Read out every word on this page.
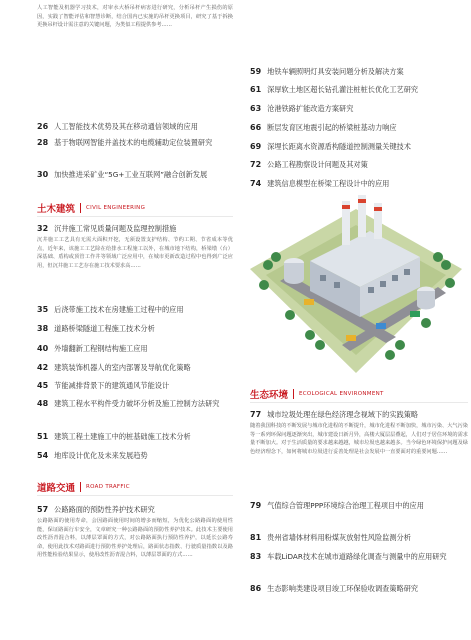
人工智能及机器学习技术，对审水大桥吊杆病害进行研究，分析吊杆产生损伤的原因，实践了智能评估和智慧诊断，结合国内已实施的吊杆更换项目，研究了基于拆换更换吊杆设计需注意的关键问题，为类似工程提供参考……
26 人工智能技术优势及其在移动通信领域的应用
28 基于物联网智能并盖技术的电缆辅助定位装置研究
30 加快推进采矿业“5G+工业互联网”融合创新发展
土木建筑 CIVIL ENGINEERING
32 沉井施工常见质量问题及监理控制措施
沉井施工工艺具有无需大面积开挖，无须设置支护结构、节约工期、节省成本等优点，近年来，该施工工艺除在给排水工程施工以外，在城市地下结构，桥梁墩（台）深基础、盾构或顶管工作井等领域广泛应用中，在城市更新改造过程中也得到广泛应用，但沉井施工工艺存在施工技术要求高……
35 后浇带施工技术在房建施工过程中的应用
38 道路桥梁隧道工程施工技术分析
40 外墙翻新工程钢结构施工应用
42 建筑装饰机器人的室内部署及导航优化策略
45 节能减排背景下的建筑通风节能设计
48 建筑工程水平构件受力破坏分析及施工控制方法研究
51 建筑工程土建施工中的桩基础施工技术分析
54 地库设计优化及未来发展趋势
道路交通 ROAD TRAFFIC
57 公路路面的预防性养护技术研究
公路路面的使用寿命，会因路面使用时间的增多而缩短，为优化公路路面的使用性能，保证路面行车安全，文章研究一种公路路面的预防性养护技术。此技术主要使用改性沥青混合料，以薄层罩面的方式，对公路路面执行预防性养护，以延长公路寿命，使用此技术对路面进行预防性养护处理后，路面状态指数、行驶质量指数以及路用性能检验结果显示，使用改性沥青混合料，以薄层罩面的方式……
59 地铁车辆照明灯具安装问题分析及解决方案
61 深厚软土地区超长钻孔灌注桩桩长优化工艺研究
63 沧港铁路扩能改造方案研究
66 断层发育区地震引起的桥梁桩基动力响应
69 深埋长距离水资源盾构隧道控制测量关键技术
72 公路工程勘察设计问题及其对策
74 建筑信息模型在桥梁工程设计中的应用
生态环境 ECOLOGICAL ENVIRONMENT
77 城市垃圾处理在绿色经济理念视域下的实践策略
随着我国科技的不断发展与城市化进程的不断提升，城市化进程不断加快，城市污染、大气污染等一系列环保问题逐渐突出，城市建设日新月异，高楼大厦层层叠起，人们对于居住环境的需求量不断加大。对于生活质量的要求越来越越，城市垃圾也越来越多。当今绿色环境保护问题及绿色经济理念下，如何将城市垃圾进行妥善处理是社会发展中一直要面对的重要问题……
79 气值综合管理PPP环境综合治理工程项目中的应用
81 贵州省墙体材料用粉煤灰放射性风险监测分析
83 车载LiDAR技术在城市道路绿化调查与测量中的应用研究
86 生态影响类建设项目竣工环保验收调查策略研究
